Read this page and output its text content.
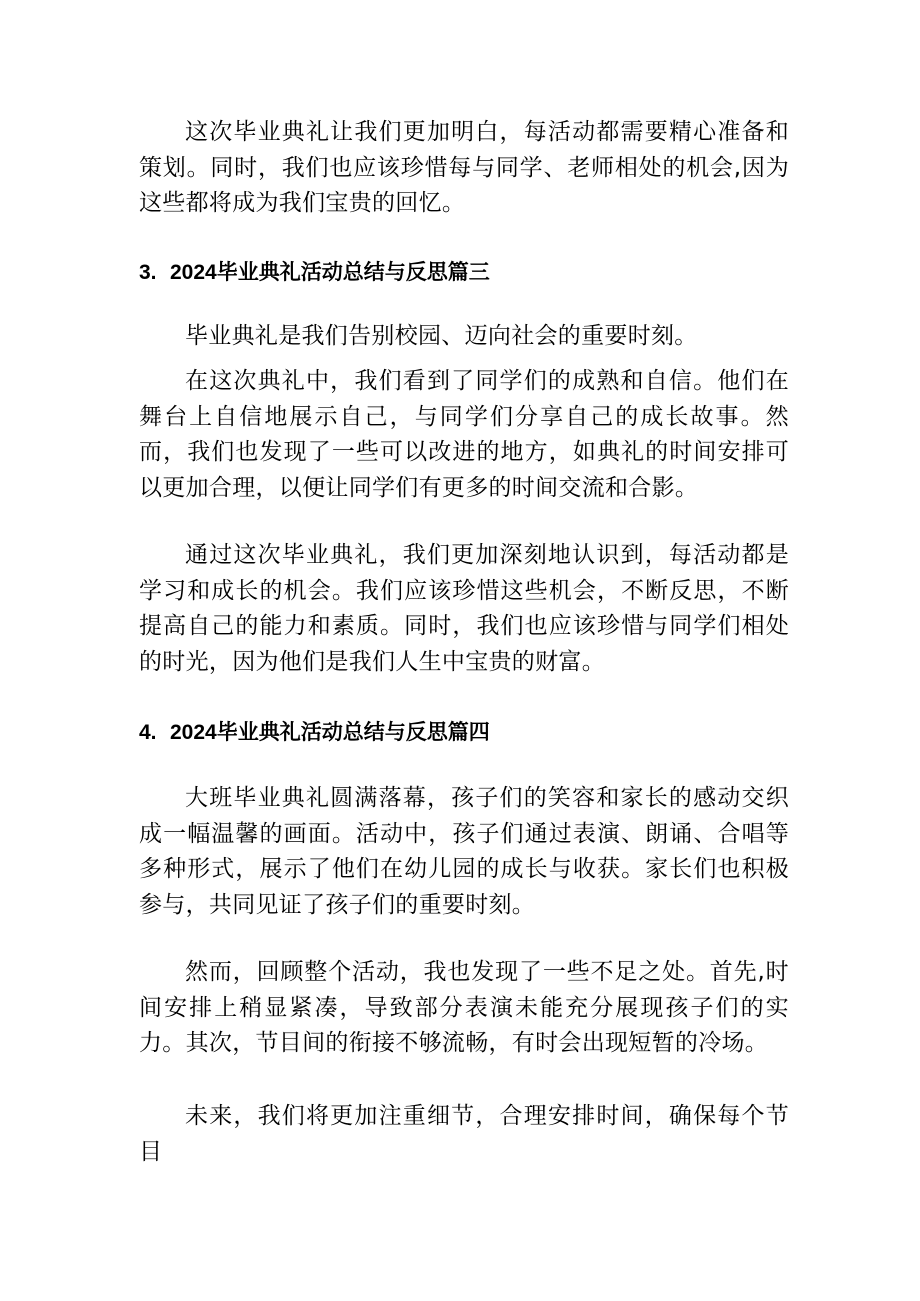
这次毕业典礼让我们更加明白，每活动都需要精心准备和策划。同时，我们也应该珍惜每与同学、老师相处的机会,因为这些都将成为我们宝贵的回忆。

3. 2024毕业典礼活动总结与反思篇三

毕业典礼是我们告别校园、迈向社会的重要时刻。

在这次典礼中，我们看到了同学们的成熟和自信。他们在舞台上自信地展示自己，与同学们分享自己的成长故事。然而，我们也发现了一些可以改进的地方，如典礼的时间安排可以更加合理，以便让同学们有更多的时间交流和合影。

通过这次毕业典礼，我们更加深刻地认识到，每活动都是学习和成长的机会。我们应该珍惜这些机会，不断反思，不断提高自己的能力和素质。同时，我们也应该珍惜与同学们相处的时光，因为他们是我们人生中宝贵的财富。

4. 2024毕业典礼活动总结与反思篇四

大班毕业典礼圆满落幕，孩子们的笑容和家长的感动交织成一幅温馨的画面。活动中，孩子们通过表演、朗诵、合唱等多种形式，展示了他们在幼儿园的成长与收获。家长们也积极参与，共同见证了孩子们的重要时刻。

然而，回顾整个活动，我也发现了一些不足之处。首先,时间安排上稍显紧凑，导致部分表演未能充分展现孩子们的实力。其次，节目间的衔接不够流畅，有时会出现短暂的冷场。

未来，我们将更加注重细节，合理安排时间，确保每个节目
